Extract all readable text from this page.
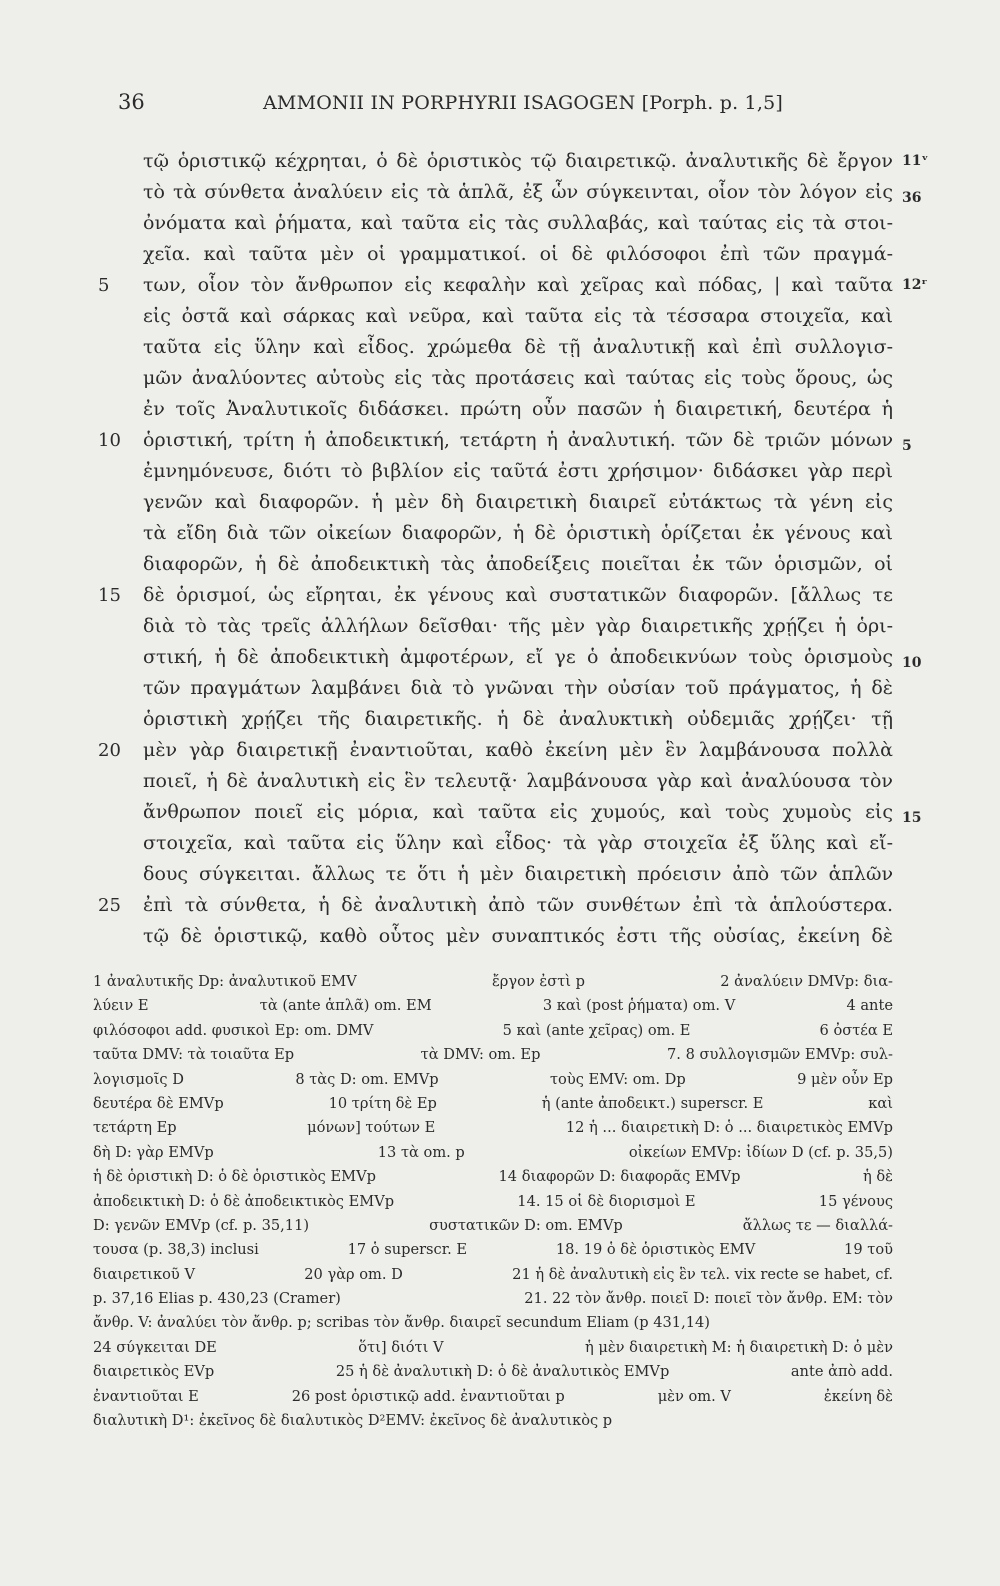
36	AMMONII IN PORPHYRII ISAGOGEN [Porph. p. 1,5]
τῷ ὁριστικῷ κέχρηται, ὁ δὲ ὁριστικὸς τῷ διαιρετικῷ. ἀναλυτικῆς δὲ ἔργον 11ᵛ
τὸ τὰ σύνθετα ἀναλύειν εἰς τὰ ἁπλᾶ, ἐξ ὧν σύγκεινται, οἷον τὸν λόγον εἰς 36
ὀνόματα καὶ ῥήματα, καὶ ταῦτα εἰς τὰς συλλαβάς, καὶ ταύτας εἰς τὰ στοι-
χεῖα. καὶ ταῦτα μὲν οἱ γραμματικοί. οἱ δὲ φιλόσοφοι ἐπὶ τῶν πραγμά-
5	των, οἷον τὸν ἄνθρωπον εἰς κεφαλὴν καὶ χεῖρας καὶ πόδας, | καὶ ταῦτα 12ʳ
εἰς ὀστᾶ καὶ σάρκας καὶ νεῦρα, καὶ ταῦτα εἰς τὰ τέσσαρα στοιχεῖα, καὶ
ταῦτα εἰς ὕλην καὶ εἶδος. χρώμεθα δὲ τῇ ἀναλυτικῇ καὶ ἐπὶ συλλογισ-
μῶν ἀναλύοντες αὐτοὺς εἰς τὰς προτάσεις καὶ ταύτας εἰς τοὺς ὅρους, ὡς
ἐν τοῖς Ἀναλυτικοῖς διδάσκει. πρώτη οὖν πασῶν ἡ διαιρετική, δευτέρα ἡ
10	ὁριστική, τρίτη ἡ ἀποδεικτική, τετάρτη ἡ ἀναλυτική. τῶν δὲ τριῶν μόνων 5
ἐμνημόνευσε, διότι τὸ βιβλίον εἰς ταῦτά ἐστι χρήσιμον· διδάσκει γὰρ περὶ
γενῶν καὶ διαφορῶν. ἡ μὲν δὴ διαιρετικὴ διαιρεῖ εὐτάκτως τὰ γένη εἰς
τὰ εἴδη διὰ τῶν οἰκείων διαφορῶν, ἡ δὲ ὁριστικὴ ὁρίζεται ἐκ γένους καὶ
διαφορῶν, ἡ δὲ ἀποδεικτικὴ τὰς ἀποδείξεις ποιεῖται ἐκ τῶν ὁρισμῶν, οἱ
15	δὲ ὁρισμοί, ὡς εἴρηται, ἐκ γένους καὶ συστατικῶν διαφορῶν. [ἄλλως τε
διὰ τὸ τὰς τρεῖς ἀλλήλων δεῖσθαι· τῆς μὲν γὰρ διαιρετικῆς χρῄζει ἡ ὁρι-
στική, ἡ δὲ ἀποδεικτικὴ ἀμφοτέρων, εἴ γε ὁ ἀποδεικνύων τοὺς ὁρισμοὺς 10
τῶν πραγμάτων λαμβάνει διὰ τὸ γνῶναι τὴν οὐσίαν τοῦ πράγματος, ἡ δὲ
ὁριστικὴ χρῄζει τῆς διαιρετικῆς. ἡ δὲ ἀναλυκτικὴ οὐδεμιᾶς χρῄζει· τῇ
20	μὲν γὰρ διαιρετικῇ ἐναντιοῦται, καθὸ ἐκείνη μὲν ἓν λαμβάνουσα πολλὰ
ποιεῖ, ἡ δὲ ἀναλυτικὴ εἰς ἓν τελευτᾷ· λαμβάνουσα γὰρ καὶ ἀναλύουσα τὸν
ἄνθρωπον ποιεῖ εἰς μόρια, καὶ ταῦτα εἰς χυμούς, καὶ τοὺς χυμοὺς εἰς 15
στοιχεῖα, καὶ ταῦτα εἰς ὕλην καὶ εἶδος· τὰ γὰρ στοιχεῖα ἐξ ὕλης καὶ εἴ-
δους σύγκειται. ἄλλως τε ὅτι ἡ μὲν διαιρετικὴ πρόεισιν ἀπὸ τῶν ἁπλῶν
25	ἐπὶ τὰ σύνθετα, ἡ δὲ ἀναλυτικὴ ἀπὸ τῶν συνθέτων ἐπὶ τὰ ἁπλούστερα.
τῷ δὲ ὁριστικῷ, καθὸ οὗτος μὲν συναπτικός ἐστι τῆς οὐσίας, ἐκείνη δὲ
1 ἀναλυτικῆς Dp: ἀναλυτικοῦ EMV	ἔργον ἐστὶ p	2 ἀναλύειν DMVp: δια-
λύειν E	τὰ (ante ἁπλᾶ) om. EM	3 καὶ (post ῥήματα) om. V	4 ante
φιλόσοφοι add. φυσικοὶ Ep: om. DMV	5 καὶ (ante χεῖρας) om. E	6 ὀστέα E
ταῦτα DMV: τὰ τοιαῦτα Ep	τὰ DMV: om. Ep	7. 8 συλλογισμῶν EMVp: συλ-
λογισμοῖς D	8 τὰς D: om. EMVp	τοὺς EMV: om. Dp	9 μὲν οὖν Ep
δευτέρα δὲ EMVp	10 τρίτη δὲ Ep	ἡ (ante ἀποδεικτ.) superscr. E	καὶ
τετάρτη Ep	μόνων] τούτων E	12 ἡ ... διαιρετικὴ D: ὁ ... διαιρετικὸς EMVp
δὴ D: γὰρ EMVp	13 τὰ om. p	οἰκείων EMVp: ἰδίων D (cf. p. 35,5)
ἡ δὲ ὁριστικὴ D: ὁ δὲ ὁριστικὸς EMVp	14 διαφορῶν D: διαφορᾶς EMVp	ἡ δὲ
ἀποδεικτικὴ D: ὁ δὲ ἀποδεικτικὸς EMVp	14. 15 οἱ δὲ διορισμοὶ E	15 γένους
D: γενῶν EMVp (cf. p. 35,11)	συστατικῶν D: om. EMVp	ἄλλως τε — διαλλά-
τουσα (p. 38,3) inclusi	17 ὁ superscr. E	18. 19 ὁ δὲ ὁριστικὸς EMV	19 τοῦ
διαιρετικοῦ V	20 γὰρ om. D	21 ἡ δὲ ἀναλυτικὴ εἰς ἓν τελ. vix recte se habet, cf.
p. 37,16 Elias p. 430,23 (Cramer)	21. 22 τὸν ἄνθρ. ποιεῖ D: ποιεῖ τὸν ἄνθρ. EM: τὸν
ἄνθρ. V: ἀναλύει τὸν ἄνθρ. p; scribas τὸν ἄνθρ. διαιρεῖ secundum Eliam (p 431,14)
24 σύγκειται DE	ὅτι] διότι V	ἡ μὲν διαιρετικὴ M: ἡ διαιρετικὴ D: ὁ μὲν
διαιρετικὸς EVp	25 ἡ δὲ ἀναλυτικὴ D: ὁ δὲ ἀναλυτικὸς EMVp	ante ἀπὸ add.
ἐναντιοῦται E	26 post ὁριστικῷ add. ἐναντιοῦται p	μὲν om. V	ἐκείνη δὲ
διαλυτικὴ D¹: ἐκεῖνος δὲ διαλυτικὸς D²EMV: ἐκεῖνος δὲ ἀναλυτικὸς p
